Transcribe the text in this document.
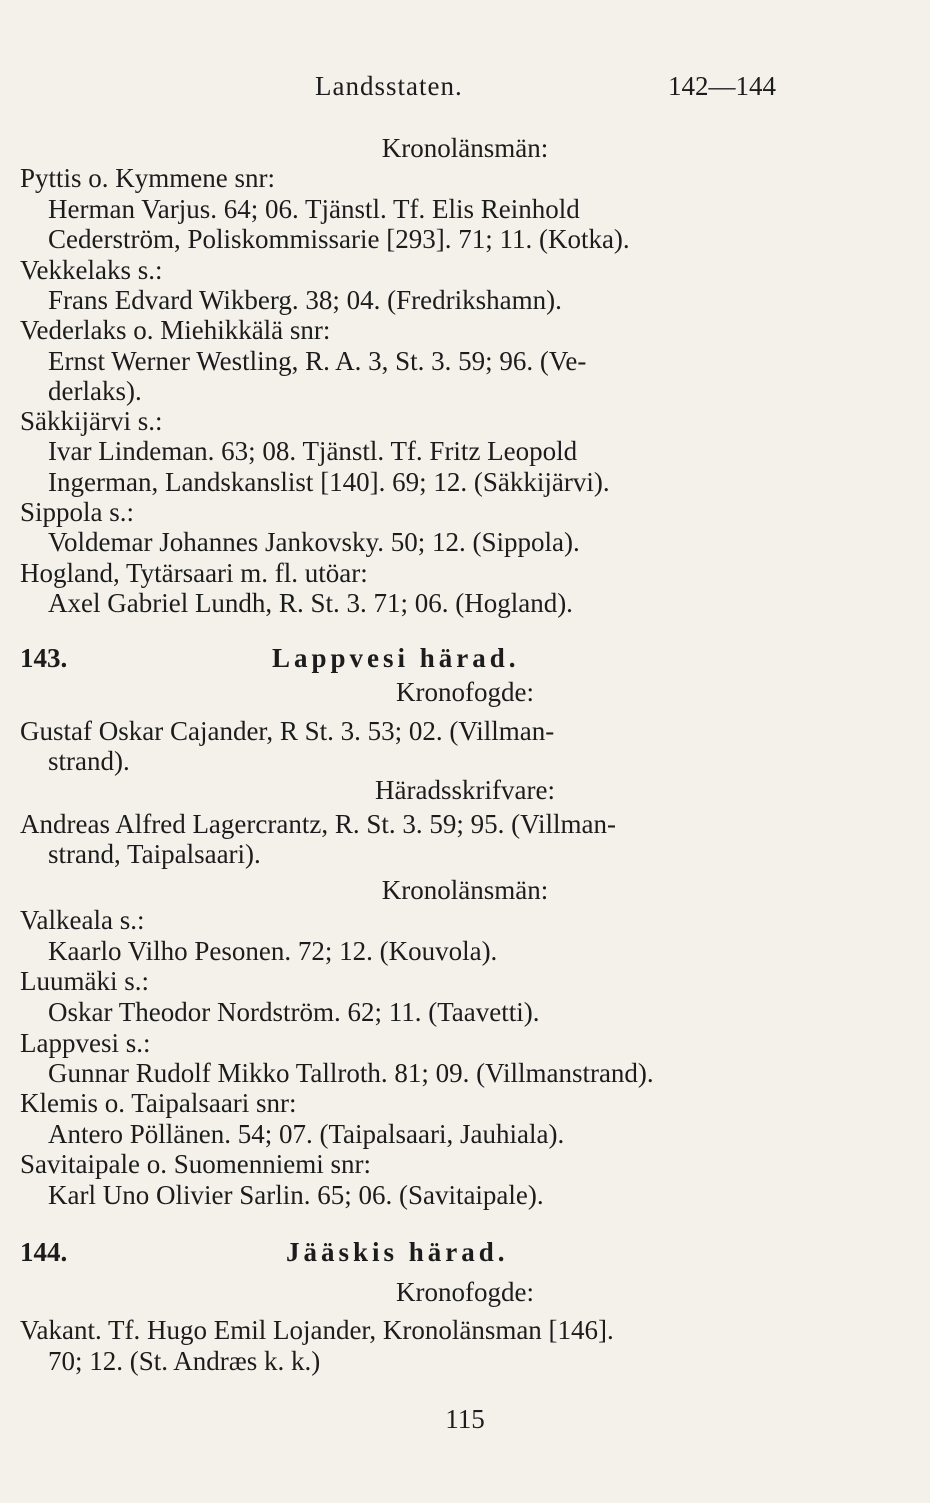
Landsstaten.	142—144
Kronolänsmän:
Pyttis o. Kymmene snr:
Herman Varjus. 64; 06. Tjänstl. Tf. Elis Reinhold
Cederström, Poliskommissarie [293]. 71; 11. (Kotka).
Vekkelaks s.:
Frans Edvard Wikberg. 38; 04. (Fredrikshamn).
Vederlaks o. Miehikkälä snr:
Ernst Werner Westling, R. A. 3, St. 3. 59; 96. (Ve-
derlaks).
Säkkijärvi s.:
Ivar Lindeman. 63; 08. Tjänstl. Tf. Fritz Leopold
Ingerman, Landskanslist [140]. 69; 12. (Säkkijärvi).
Sippola s.:
Voldemar Johannes Jankovsky. 50; 12. (Sippola).
Hogland, Tytärsaari m. fl. utöar:
Axel Gabriel Lundh, R. St. 3. 71; 06. (Hogland).
143.	Lappvesi härad.
Kronofogde:
Gustaf Oskar Cajander, R St. 3. 53; 02. (Villman-
strand).
Häradsskrifvare:
Andreas Alfred Lagercrantz, R. St. 3. 59; 95. (Villman-
strand, Taipalsaari).
Kronolänsmän:
Valkeala s.:
Kaarlo Vilho Pesonen. 72; 12. (Kouvola).
Luumäki s.:
Oskar Theodor Nordström. 62; 11. (Taavetti).
Lappvesi s.:
Gunnar Rudolf Mikko Tallroth. 81; 09. (Villmanstrand).
Klemis o. Taipalsaari snr:
Antero Pöllänen. 54; 07. (Taipalsaari, Jauhiala).
Savitaipale o. Suomenniemi snr:
Karl Uno Olivier Sarlin. 65; 06. (Savitaipale).
144.	Jääskis härad.
Kronofogde:
Vakant. Tf. Hugo Emil Lojander, Kronolänsman [146].
70; 12. (St. Andræs k. k.)
115
